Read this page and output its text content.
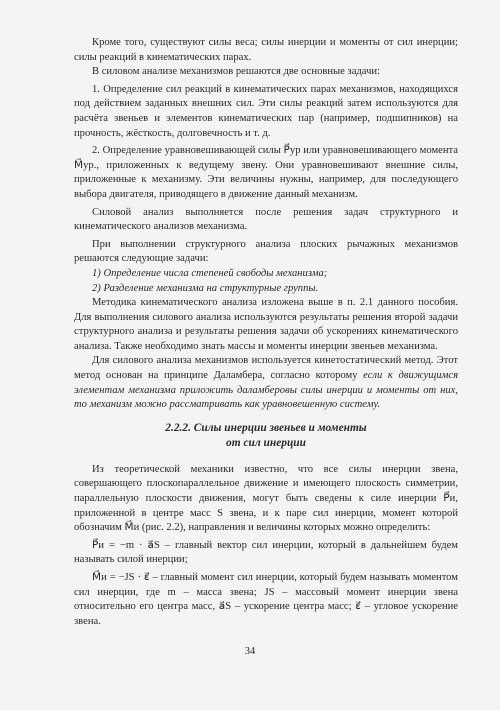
Кроме того, существуют силы веса; силы инерции и моменты от сил инерции; силы реакций в кинематических парах.

В силовом анализе механизмов решаются две основные задачи:

1. Определение сил реакций в кинематических парах механизмов, находящихся под действием заданных внешних сил. Эти силы реакций затем используются для расчёта звеньев и элементов кинематических пар (например, подшипников) на прочность, жёсткость, долговечность и т. д.

2. Определение уравновешивающей силы P⃗ур или уравновешивающего момента M⃗ур., приложенных к ведущему звену. Они уравновешивают внешние силы, приложенные к механизму. Эти величины нужны, например, для последующего выбора двигателя, приводящего в движение данный механизм.

Силовой анализ выполняется после решения задач структурного и кинематического анализов механизма.

При выполнении структурного анализа плоских рычажных механизмов решаются следующие задачи:

1) Определение числа степеней свободы механизма;

2) Разделение механизма на структурные группы.

Методика кинематического анализа изложена выше в п. 2.1 данного пособия. Для выполнения силового анализа используются результаты решения второй задачи структурного анализа и результаты решения задачи об ускорениях кинематического анализа. Также необходимо знать массы и моменты инерции звеньев механизма.

Для силового анализа механизмов используется кинетостатический метод. Этот метод основан на принципе Даламбера, согласно которому если к движущимся элементам механизма приложить даламберовы силы инерции и моменты от них, то механизм можно рассматривать как уравновешенную систему.

2.2.2. Силы инерции звеньев и моменты
от сил инерции

Из теоретической механики известно, что все силы инерции звена, совершающего плоскопараллельное движение и имеющего плоскость симметрии, параллельную плоскости движения, могут быть сведены к силе инерции P⃗и, приложенной в центре масс S звена, и к паре сил инерции, момент которой обозначим M⃗и (рис. 2.2), направления и величины которых можно определить:

P⃗и = −m · a⃗S – главный вектор сил инерции, который в дальнейшем будем называть силой инерции;

M⃗и = −JS · ε⃗ – главный момент сил инерции, который будем называть моментом сил инерции, где m – масса звена; JS – массовый момент инерции звена относительно его центра масс, a⃗S – ускорение центра масс; ε⃗ – угловое ускорение звена.

34
